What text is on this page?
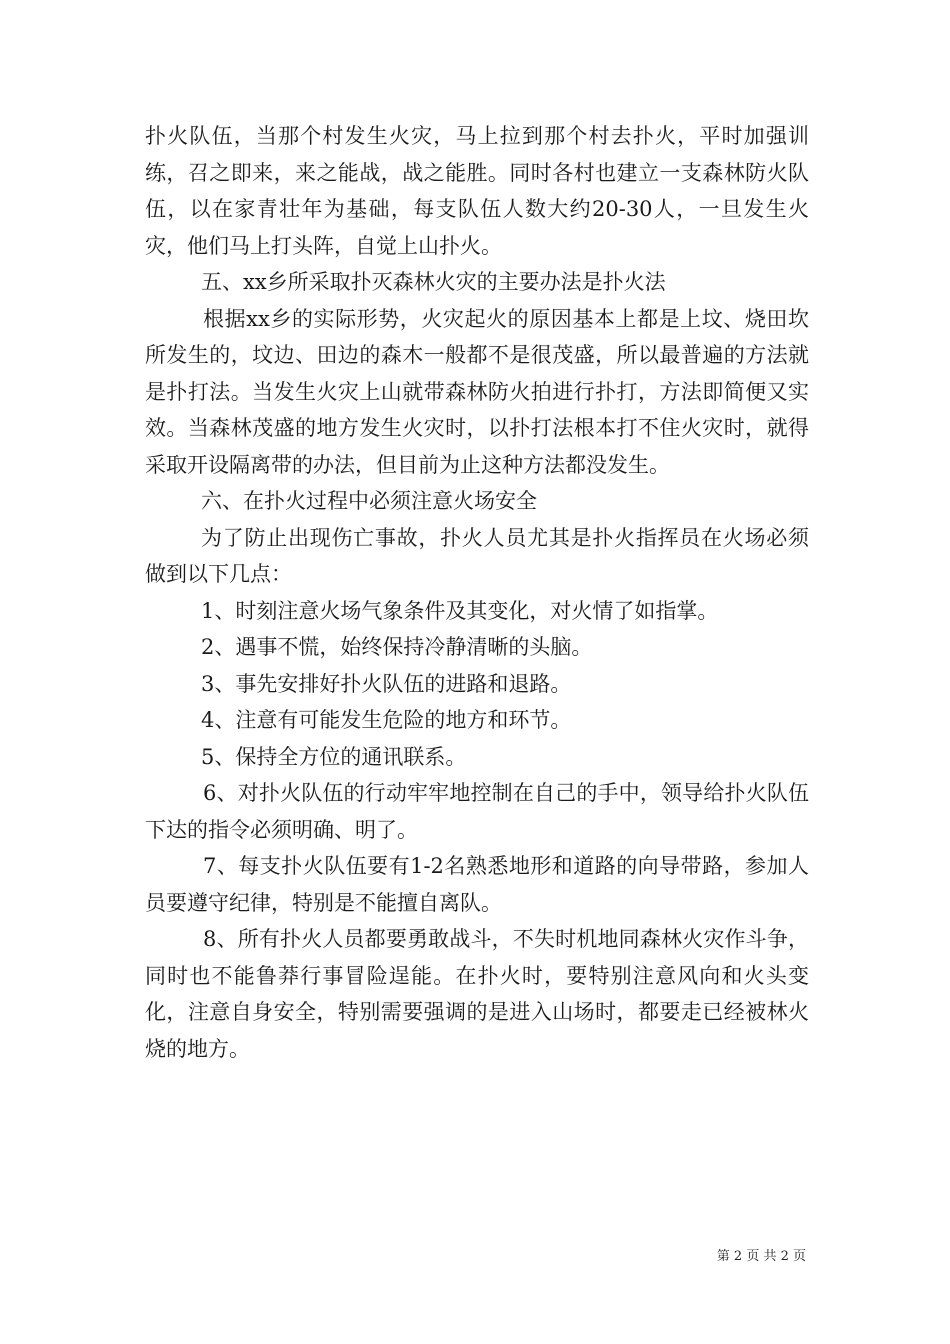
扑火队伍，当那个村发生火灾，马上拉到那个村去扑火，平时加强训练，召之即来，来之能战，战之能胜。同时各村也建立一支森林防火队伍，以在家青壮年为基础，每支队伍人数大约20-30人，一旦发生火灾，他们马上打头阵，自觉上山扑火。

五、xx乡所采取扑灭森林火灾的主要办法是扑火法

根据xx乡的实际形势，火灾起火的原因基本上都是上坟、烧田坎所发生的，坟边、田边的森木一般都不是很茂盛，所以最普遍的方法就是扑打法。当发生火灾上山就带森林防火拍进行扑打，方法即简便又实效。当森林茂盛的地方发生火灾时，以扑打法根本打不住火灾时，就得采取开设隔离带的办法，但目前为止这种方法都没发生。

六、在扑火过程中必须注意火场安全

为了防止出现伤亡事故，扑火人员尤其是扑火指挥员在火场必须做到以下几点：

1、时刻注意火场气象条件及其变化，对火情了如指掌。

2、遇事不慌，始终保持冷静清晰的头脑。

3、事先安排好扑火队伍的进路和退路。

4、注意有可能发生危险的地方和环节。

5、保持全方位的通讯联系。

6、对扑火队伍的行动牢牢地控制在自己的手中，领导给扑火队伍下达的指令必须明确、明了。

7、每支扑火队伍要有1-2名熟悉地形和道路的向导带路，参加人员要遵守纪律，特别是不能擅自离队。

8、所有扑火人员都要勇敢战斗，不失时机地同森林火灾作斗争，同时也不能鲁莽行事冒险逞能。在扑火时，要特别注意风向和火头变化，注意自身安全，特别需要强调的是进入山场时，都要走已经被林火烧的地方。

第 2 页 共 2 页
